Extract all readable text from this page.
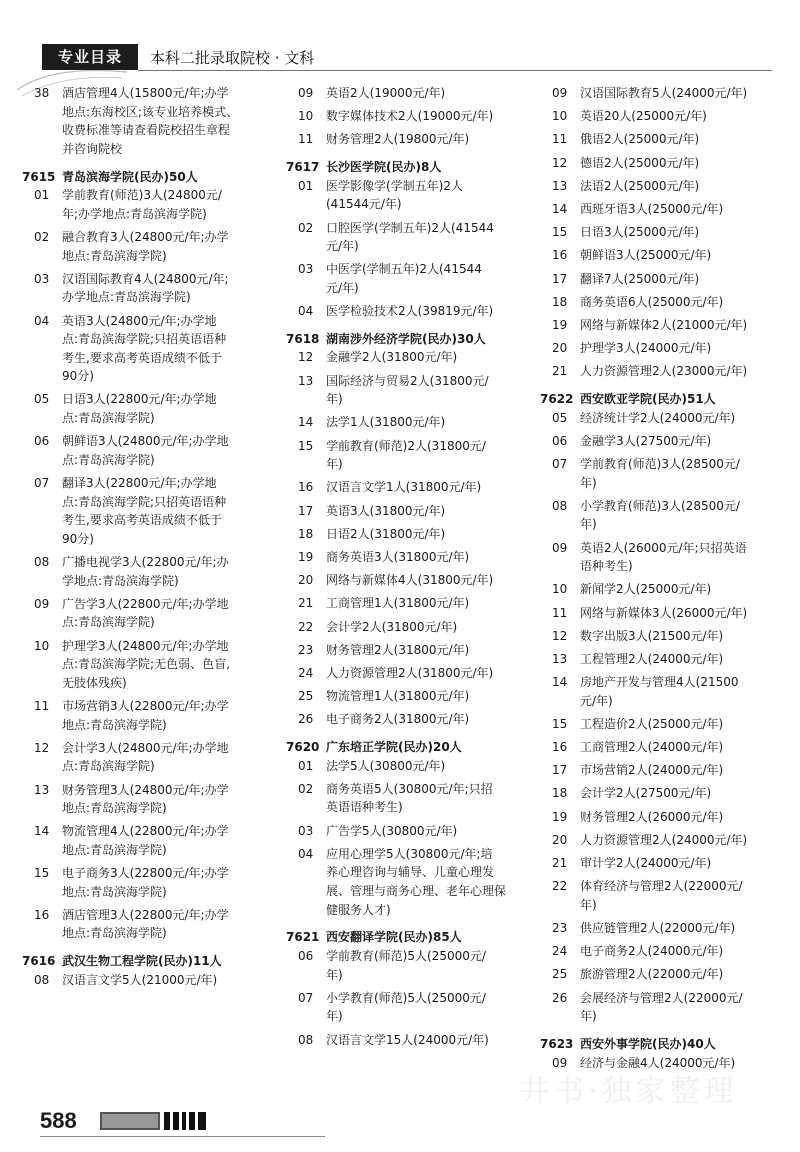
专业目录	本科二批录取院校 · 文科
38	酒店管理4人(15800元/年;办学
地点:东海校区;该专业培养模式、
收费标准等请查看院校招生章程
并咨询院校
7615 青岛滨海学院(民办)50人
01	学前教育(师范)3人(24800元/
年;办学地点:青岛滨海学院)
02	融合教育3人(24800元/年;办学
地点:青岛滨海学院)
03	汉语国际教育4人(24800元/年;
办学地点:青岛滨海学院)
04	英语3人(24800元/年;办学地
点:青岛滨海学院;只招英语语种
考生,要求高考英语成绩不低于
90分)
05	日语3人(22800元/年;办学地
点:青岛滨海学院)
06	朝鲜语3人(24800元/年;办学地
点:青岛滨海学院)
07	翻译3人(22800元/年;办学地
点:青岛滨海学院;只招英语语种
考生,要求高考英语成绩不低于
90分)
08	广播电视学3人(22800元/年;办
学地点:青岛滨海学院)
09	广告学3人(22800元/年;办学地
点:青岛滨海学院)
10	护理学3人(24800元/年;办学地
点:青岛滨海学院;无色弱、色盲,
无肢体残疾)
11	市场营销3人(22800元/年;办学
地点:青岛滨海学院)
12	会计学3人(24800元/年;办学地
点:青岛滨海学院)
13	财务管理3人(24800元/年;办学
地点:青岛滨海学院)
14	物流管理4人(22800元/年;办学
地点:青岛滨海学院)
15	电子商务3人(22800元/年;办学
地点:青岛滨海学院)
16	酒店管理3人(22800元/年;办学
地点:青岛滨海学院)
7616 武汉生物工程学院(民办)11人
08	汉语言文学5人(21000元/年)
09	英语2人(19000元/年)
10	数字媒体技术2人(19000元/年)
11	财务管理2人(19800元/年)
7617 长沙医学院(民办)8人
01	医学影像学(学制五年)2人
(41544元/年)
02	口腔医学(学制五年)2人(41544
元/年)
03	中医学(学制五年)2人(41544
元/年)
04	医学检验技术2人(39819元/年)
7618 湖南涉外经济学院(民办)30人
12	金融学2人(31800元/年)
13	国际经济与贸易2人(31800元/
年)
14	法学1人(31800元/年)
15	学前教育(师范)2人(31800元/
年)
16	汉语言文学1人(31800元/年)
17	英语3人(31800元/年)
18	日语2人(31800元/年)
19	商务英语3人(31800元/年)
20	网络与新媒体4人(31800元/年)
21	工商管理1人(31800元/年)
22	会计学2人(31800元/年)
23	财务管理2人(31800元/年)
24	人力资源管理2人(31800元/年)
25	物流管理1人(31800元/年)
26	电子商务2人(31800元/年)
7620 广东培正学院(民办)20人
01	法学5人(30800元/年)
02	商务英语5人(30800元/年;只招
英语语种考生)
03	广告学5人(30800元/年)
04	应用心理学5人(30800元/年;培
养心理咨询与辅导、儿童心理发
展、管理与商务心理、老年心理保
健服务人才)
7621 西安翻译学院(民办)85人
06	学前教育(师范)5人(25000元/
年)
07	小学教育(师范)5人(25000元/
年)
08	汉语言文学15人(24000元/年)
09	汉语国际教育5人(24000元/年)
10	英语20人(25000元/年)
11	俄语2人(25000元/年)
12	德语2人(25000元/年)
13	法语2人(25000元/年)
14	西班牙语3人(25000元/年)
15	日语3人(25000元/年)
16	朝鲜语3人(25000元/年)
17	翻译7人(25000元/年)
18	商务英语6人(25000元/年)
19	网络与新媒体2人(21000元/年)
20	护理学3人(24000元/年)
21	人力资源管理2人(23000元/年)
7622 西安欧亚学院(民办)51人
05	经济统计学2人(24000元/年)
06	金融学3人(27500元/年)
07	学前教育(师范)3人(28500元/
年)
08	小学教育(师范)3人(28500元/
年)
09	英语2人(26000元/年;只招英语
语种考生)
10	新闻学2人(25000元/年)
11	网络与新媒体3人(26000元/年)
12	数字出版3人(21500元/年)
13	工程管理2人(24000元/年)
14	房地产开发与管理4人(21500
元/年)
15	工程造价2人(25000元/年)
16	工商管理2人(24000元/年)
17	市场营销2人(24000元/年)
18	会计学2人(27500元/年)
19	财务管理2人(26000元/年)
20	人力资源管理2人(24000元/年)
21	审计学2人(24000元/年)
22	体育经济与管理2人(22000元/
年)
23	供应链管理2人(22000元/年)
24	电子商务2人(24000元/年)
25	旅游管理2人(22000元/年)
26	会展经济与管理2人(22000元/
年)
7623 西安外事学院(民办)40人
09	经济与金融4人(24000元/年)
井书·独家整理
588
